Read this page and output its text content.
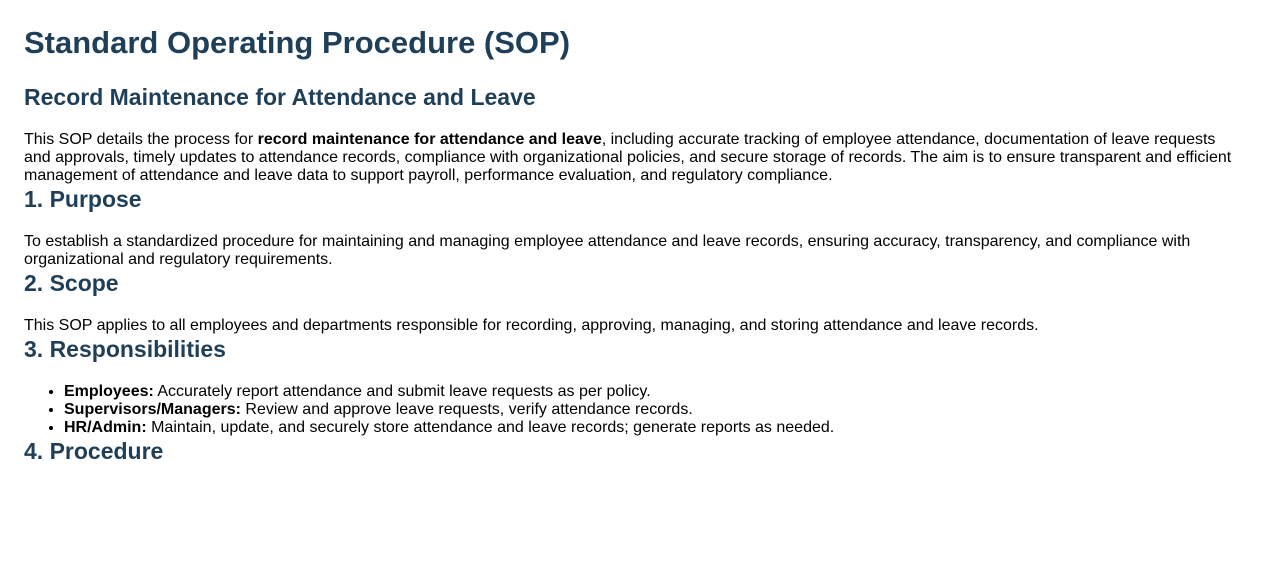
Standard Operating Procedure (SOP)
Record Maintenance for Attendance and Leave

This SOP details the process for record maintenance for attendance and leave, including accurate tracking of employee attendance, documentation of leave requests and approvals, timely updates to attendance records, compliance with organizational policies, and secure storage of records. The aim is to ensure transparent and efficient management of attendance and leave data to support payroll, performance evaluation, and regulatory compliance.

1. Purpose

To establish a standardized procedure for maintaining and managing employee attendance and leave records, ensuring accuracy, transparency, and compliance with organizational and regulatory requirements.

2. Scope

This SOP applies to all employees and departments responsible for recording, approving, managing, and storing attendance and leave records.

3. Responsibilities
• Employees: Accurately report attendance and submit leave requests as per policy.
• Supervisors/Managers: Review and approve leave requests, verify attendance records.
• HR/Admin: Maintain, update, and securely store attendance and leave records; generate reports as needed.
4. Procedure
